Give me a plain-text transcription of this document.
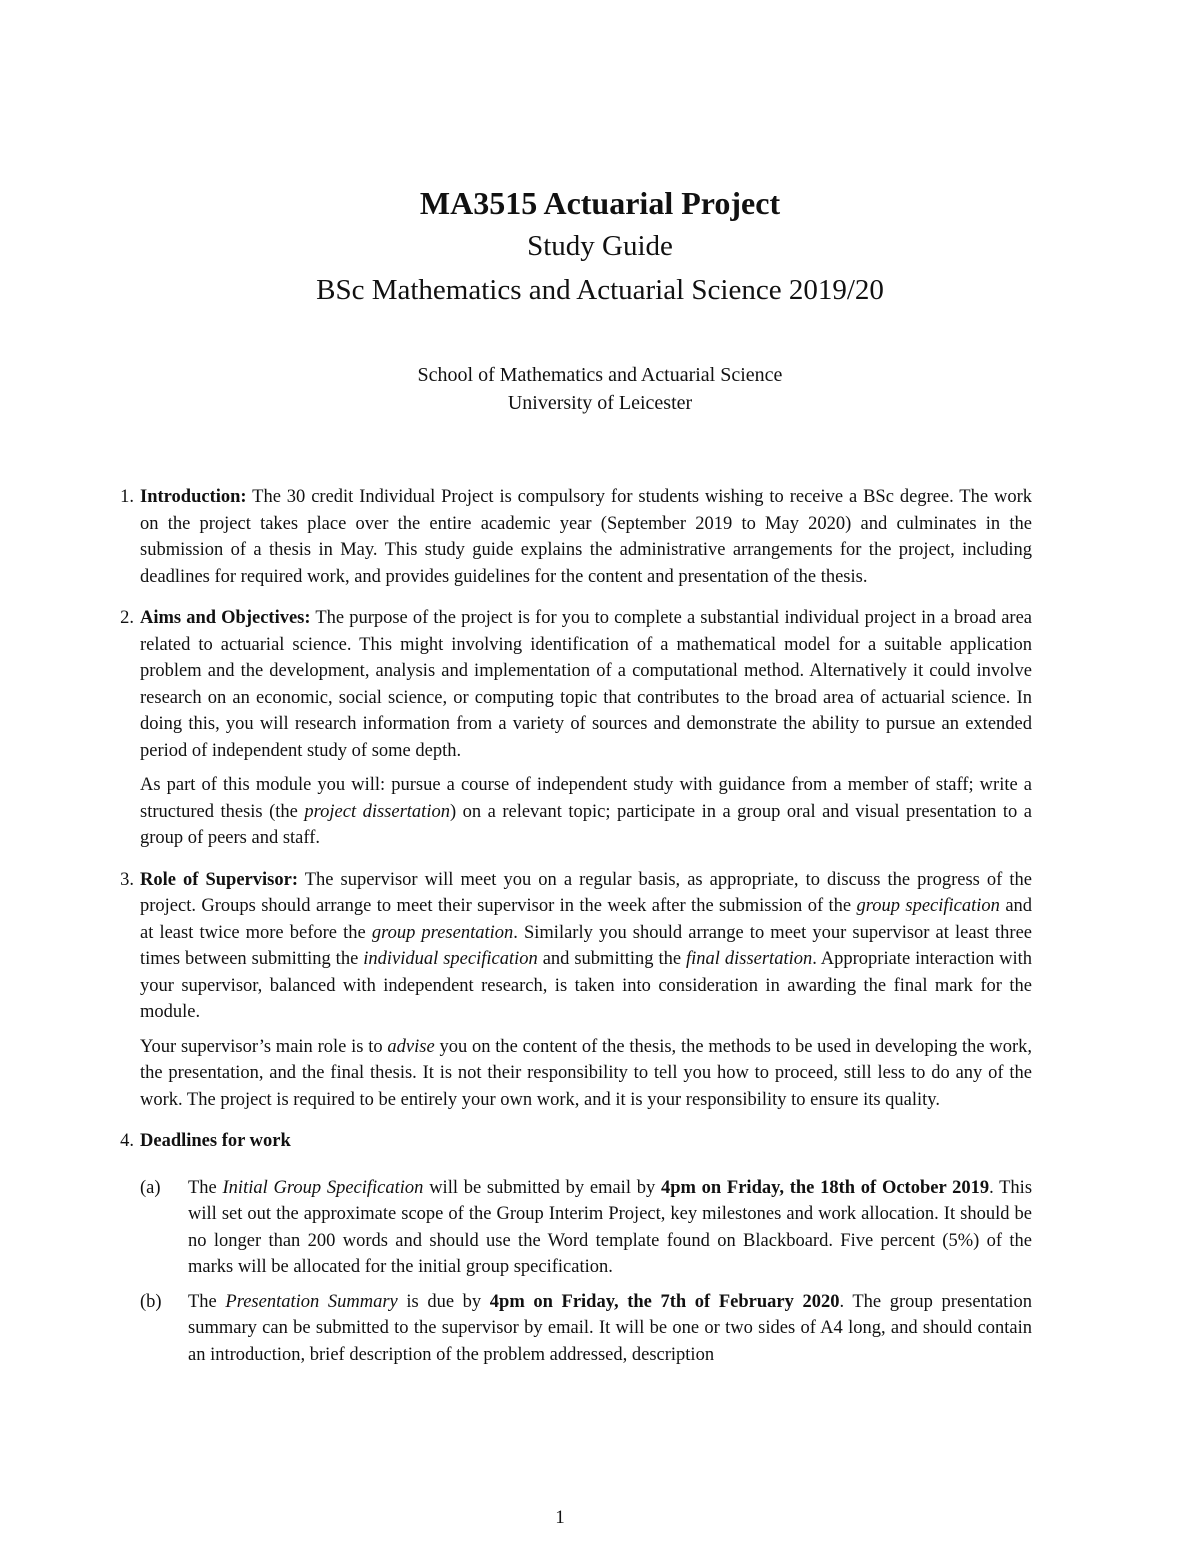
MA3515 Actuarial Project

Study Guide

BSc Mathematics and Actuarial Science 2019/20

School of Mathematics and Actuarial Science
University of Leicester
1. Introduction: The 30 credit Individual Project is compulsory for students wishing to receive a BSc degree. The work on the project takes place over the entire academic year (September 2019 to May 2020) and culminates in the submission of a thesis in May. This study guide explains the administrative arrangements for the project, including deadlines for required work, and provides guidelines for the content and presentation of the thesis.

2. Aims and Objectives: The purpose of the project is for you to complete a substantial individual project in a broad area related to actuarial science. This might involving identification of a mathematical model for a suitable application problem and the development, analysis and implementation of a computational method. Alternatively it could involve research on an economic, social science, or computing topic that contributes to the broad area of actuarial science. In doing this, you will research information from a variety of sources and demonstrate the ability to pursue an extended period of independent study of some depth.

As part of this module you will: pursue a course of independent study with guidance from a member of staff; write a structured thesis (the project dissertation) on a relevant topic; participate in a group oral and visual presentation to a group of peers and staff.

3. Role of Supervisor: The supervisor will meet you on a regular basis, as appropriate, to discuss the progress of the project. Groups should arrange to meet their supervisor in the week after the submission of the group specification and at least twice more before the group presentation. Similarly you should arrange to meet your supervisor at least three times between submitting the individual specification and submitting the final dissertation. Appropriate interaction with your supervisor, balanced with independent research, is taken into consideration in awarding the final mark for the module.

Your supervisor’s main role is to advise you on the content of the thesis, the methods to be used in developing the work, the presentation, and the final thesis. It is not their responsibility to tell you how to proceed, still less to do any of the work. The project is required to be entirely your own work, and it is your responsibility to ensure its quality.

4. Deadlines for work

(a) The Initial Group Specification will be submitted by email by 4pm on Friday, the 18th of October 2019. This will set out the approximate scope of the Group Interim Project, key milestones and work allocation. It should be no longer than 200 words and should use the Word template found on Blackboard. Five percent (5%) of the marks will be allocated for the initial group specification.

(b) The Presentation Summary is due by 4pm on Friday, the 7th of February 2020. The group presentation summary can be submitted to the supervisor by email. It will be one or two sides of A4 long, and should contain an introduction, brief description of the problem addressed, description

1
